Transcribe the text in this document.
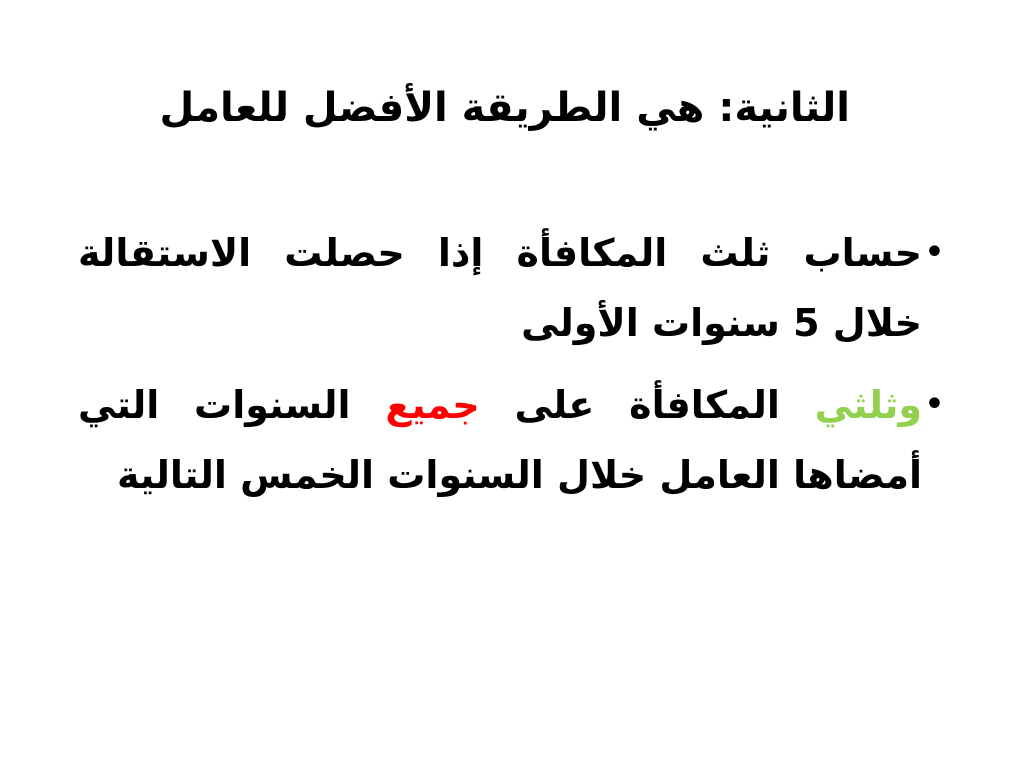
الثانية: هي الطريقة الأفضل للعامل
•
حساب ثلث المكافأة إذا حصلت الاستقالة
خلال 5 سنوات الأولى
•
وثلثي المكافأة على جميع السنوات التي
أمضاها العامل خلال السنوات الخمس التالية
